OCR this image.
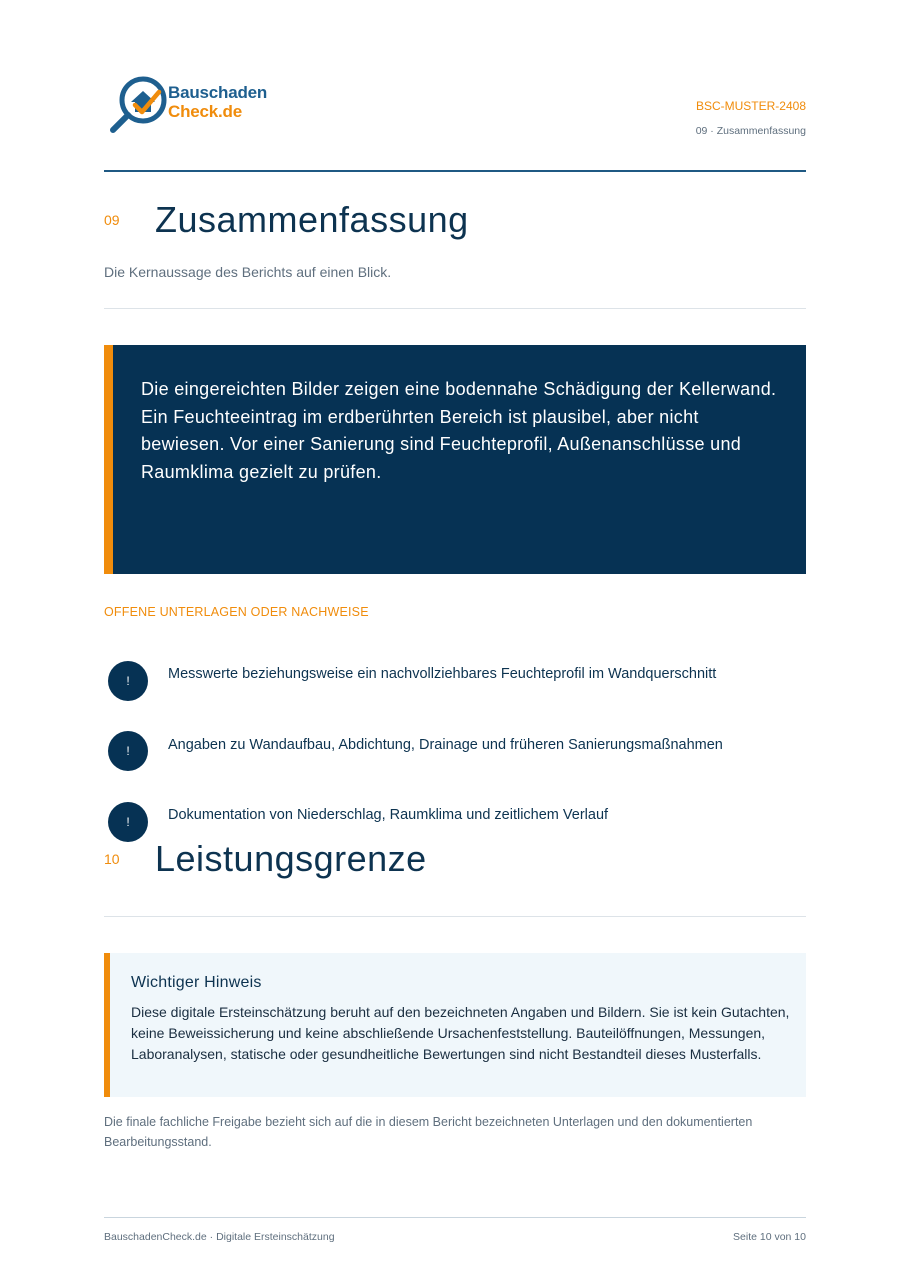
Bauschaden
Check.de	BSC-MUSTER-2408
09 · Zusammenfassung
09 Zusammenfassung
Die Kernaussage des Berichts auf einen Blick.
Die eingereichten Bilder zeigen eine bodennahe Schädigung der Kellerwand. Ein Feuchteeintrag im erdberührten Bereich ist plausibel, aber nicht bewiesen. Vor einer Sanierung sind Feuchteprofil, Außenanschlüsse und Raumklima gezielt zu prüfen.
OFFENE UNTERLAGEN ODER NACHWEISE
!	Messwerte beziehungsweise ein nachvollziehbares Feuchteprofil im Wandquerschnitt
!	Angaben zu Wandaufbau, Abdichtung, Drainage und früheren Sanierungsmaßnahmen
!	Dokumentation von Niederschlag, Raumklima und zeitlichem Verlauf
10 Leistungsgrenze
Wichtiger Hinweis
Diese digitale Ersteinschätzung beruht auf den bezeichneten Angaben und Bildern. Sie ist kein Gutachten, keine Beweissicherung und keine abschließende Ursachenfeststellung. Bauteilöffnungen, Messungen, Laboranalysen, statische oder gesundheitliche Bewertungen sind nicht Bestandteil dieses Musterfalls.
Die finale fachliche Freigabe bezieht sich auf die in diesem Bericht bezeichneten Unterlagen und den dokumentierten Bearbeitungsstand.
BauschadenCheck.de · Digitale Ersteinschätzung	Seite 10 von 10
